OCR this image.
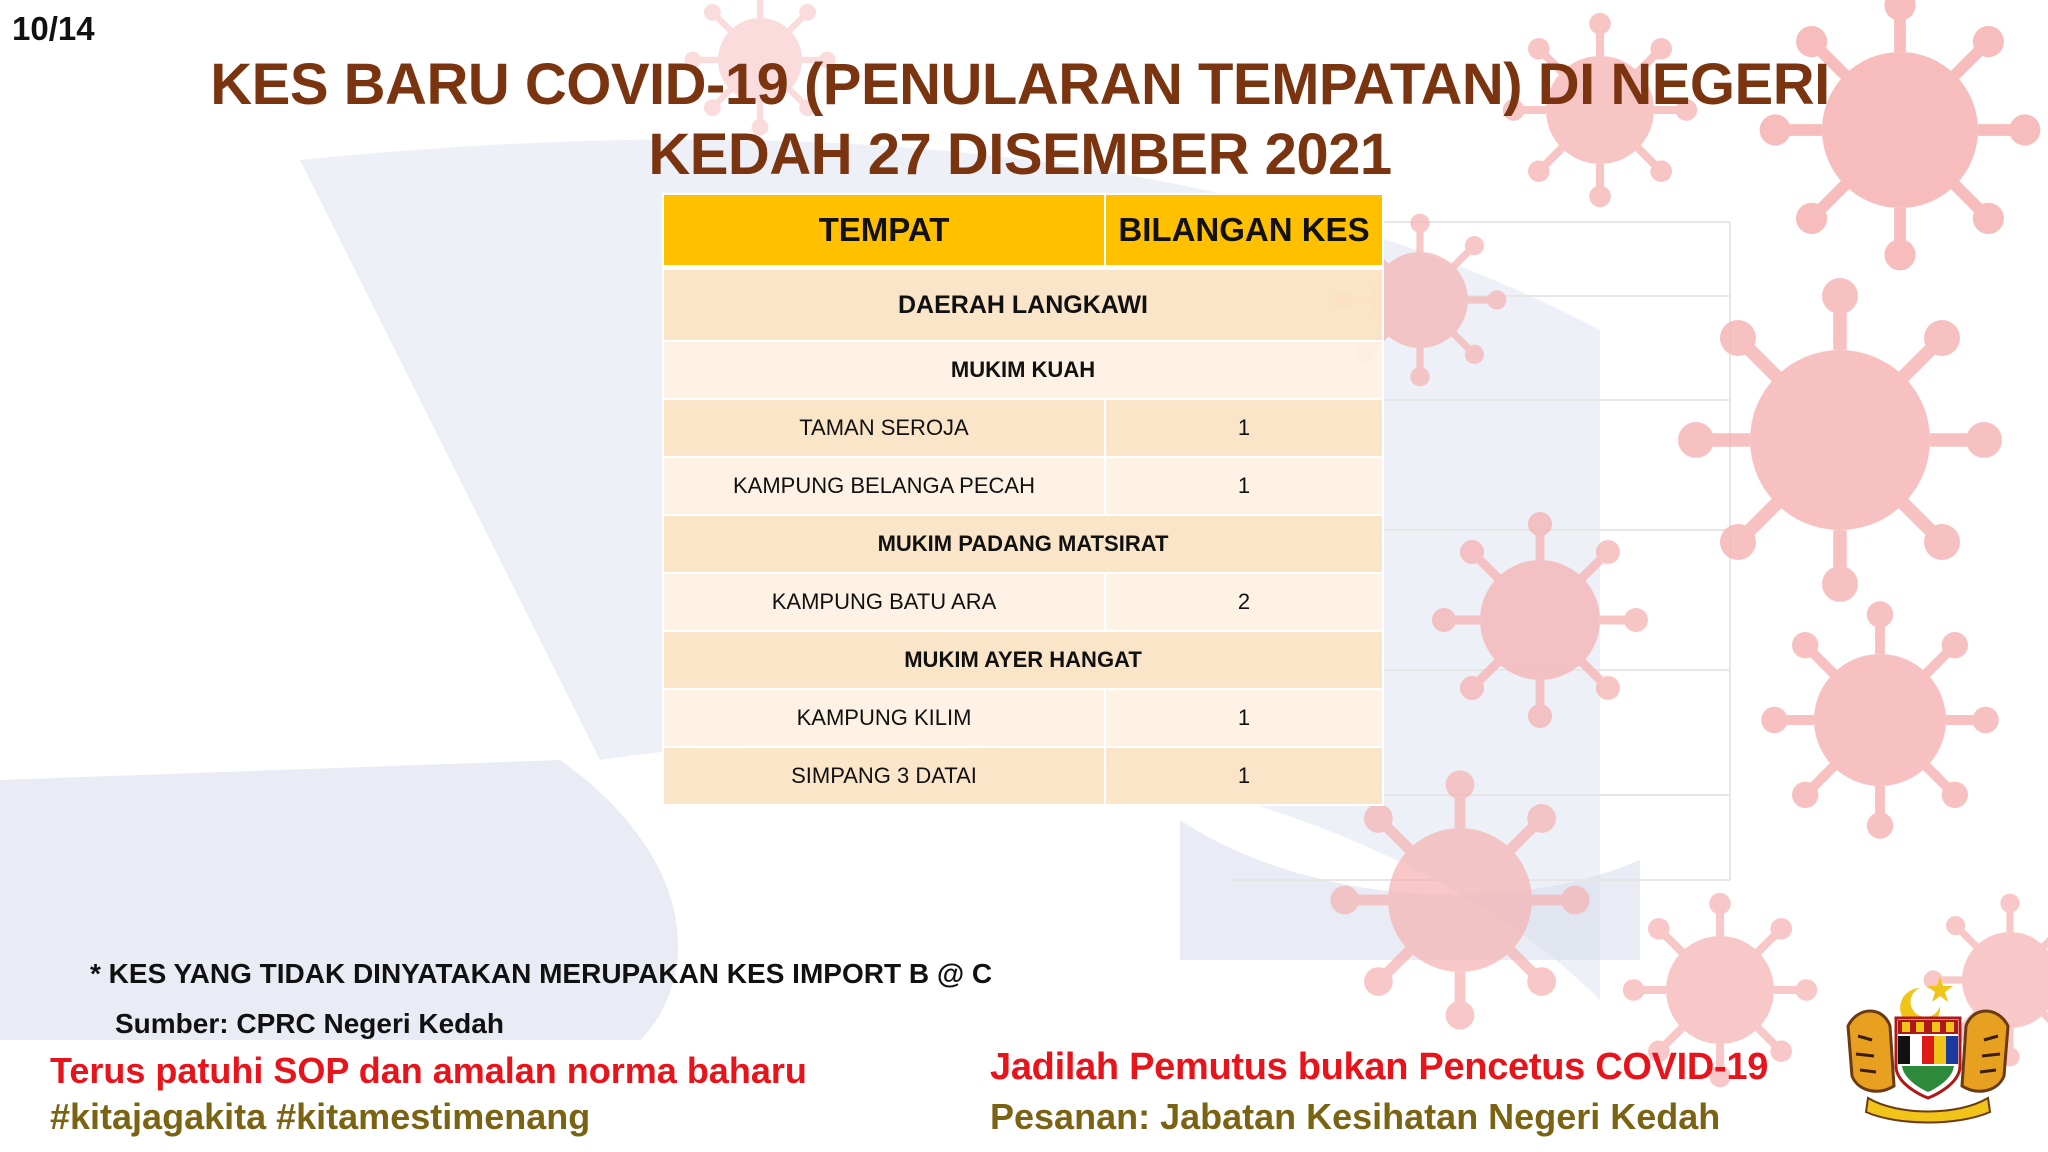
10/14
KES BARU COVID-19 (PENULARAN TEMPATAN) DI NEGERI
KEDAH 27 DISEMBER 2021
TEMPAT	BILANGAN KES
DAERAH LANGKAWI	
MUKIM KUAH	
TAMAN SEROJA	1
KAMPUNG BELANGA PECAH	1
MUKIM PADANG MATSIRAT	
KAMPUNG BATU ARA	2
MUKIM AYER HANGAT	
KAMPUNG KILIM	1
SIMPANG 3 DATAI	1
* KES YANG TIDAK DINYATAKAN MERUPAKAN KES IMPORT B @ C
Sumber: CPRC Negeri Kedah
Terus patuhi SOP dan amalan norma baharu
#kitajagakita #kitamestimenang
Jadilah Pemutus bukan Pencetus COVID-19
Pesanan: Jabatan Kesihatan Negeri Kedah
